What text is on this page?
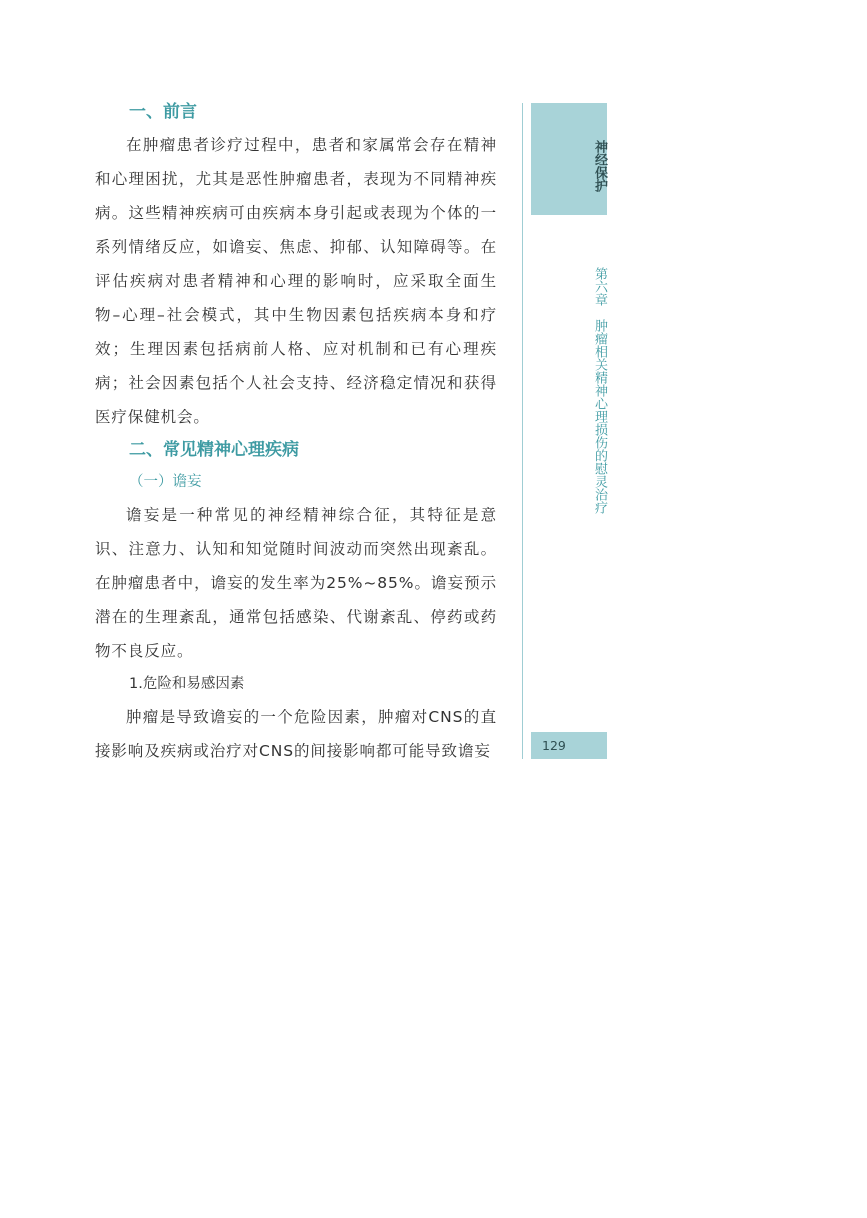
一、前言

在肿瘤患者诊疗过程中，患者和家属常会存在精神和心理困扰，尤其是恶性肿瘤患者，表现为不同精神疾病。这些精神疾病可由疾病本身引起或表现为个体的一系列情绪反应，如谵妄、焦虑、抑郁、认知障碍等。在评估疾病对患者精神和心理的影响时，应采取全面生物–心理–社会模式，其中生物因素包括疾病本身和疗效；生理因素包括病前人格、应对机制和已有心理疾病；社会因素包括个人社会支持、经济稳定情况和获得医疗保健机会。

二、常见精神心理疾病
（一）谵妄

谵妄是一种常见的神经精神综合征，其特征是意识、注意力、认知和知觉随时间波动而突然出现紊乱。在肿瘤患者中，谵妄的发生率为25%~85%。谵妄预示潜在的生理紊乱，通常包括感染、代谢紊乱、停药或药物不良反应。

1.危险和易感因素

肿瘤是导致谵妄的一个危险因素，肿瘤对CNS的直接影响及疾病或治疗对CNS的间接影响都可能导致谵妄

神经保护
第六章　肿瘤相关精神心理损伤的慰灵治疗
129
